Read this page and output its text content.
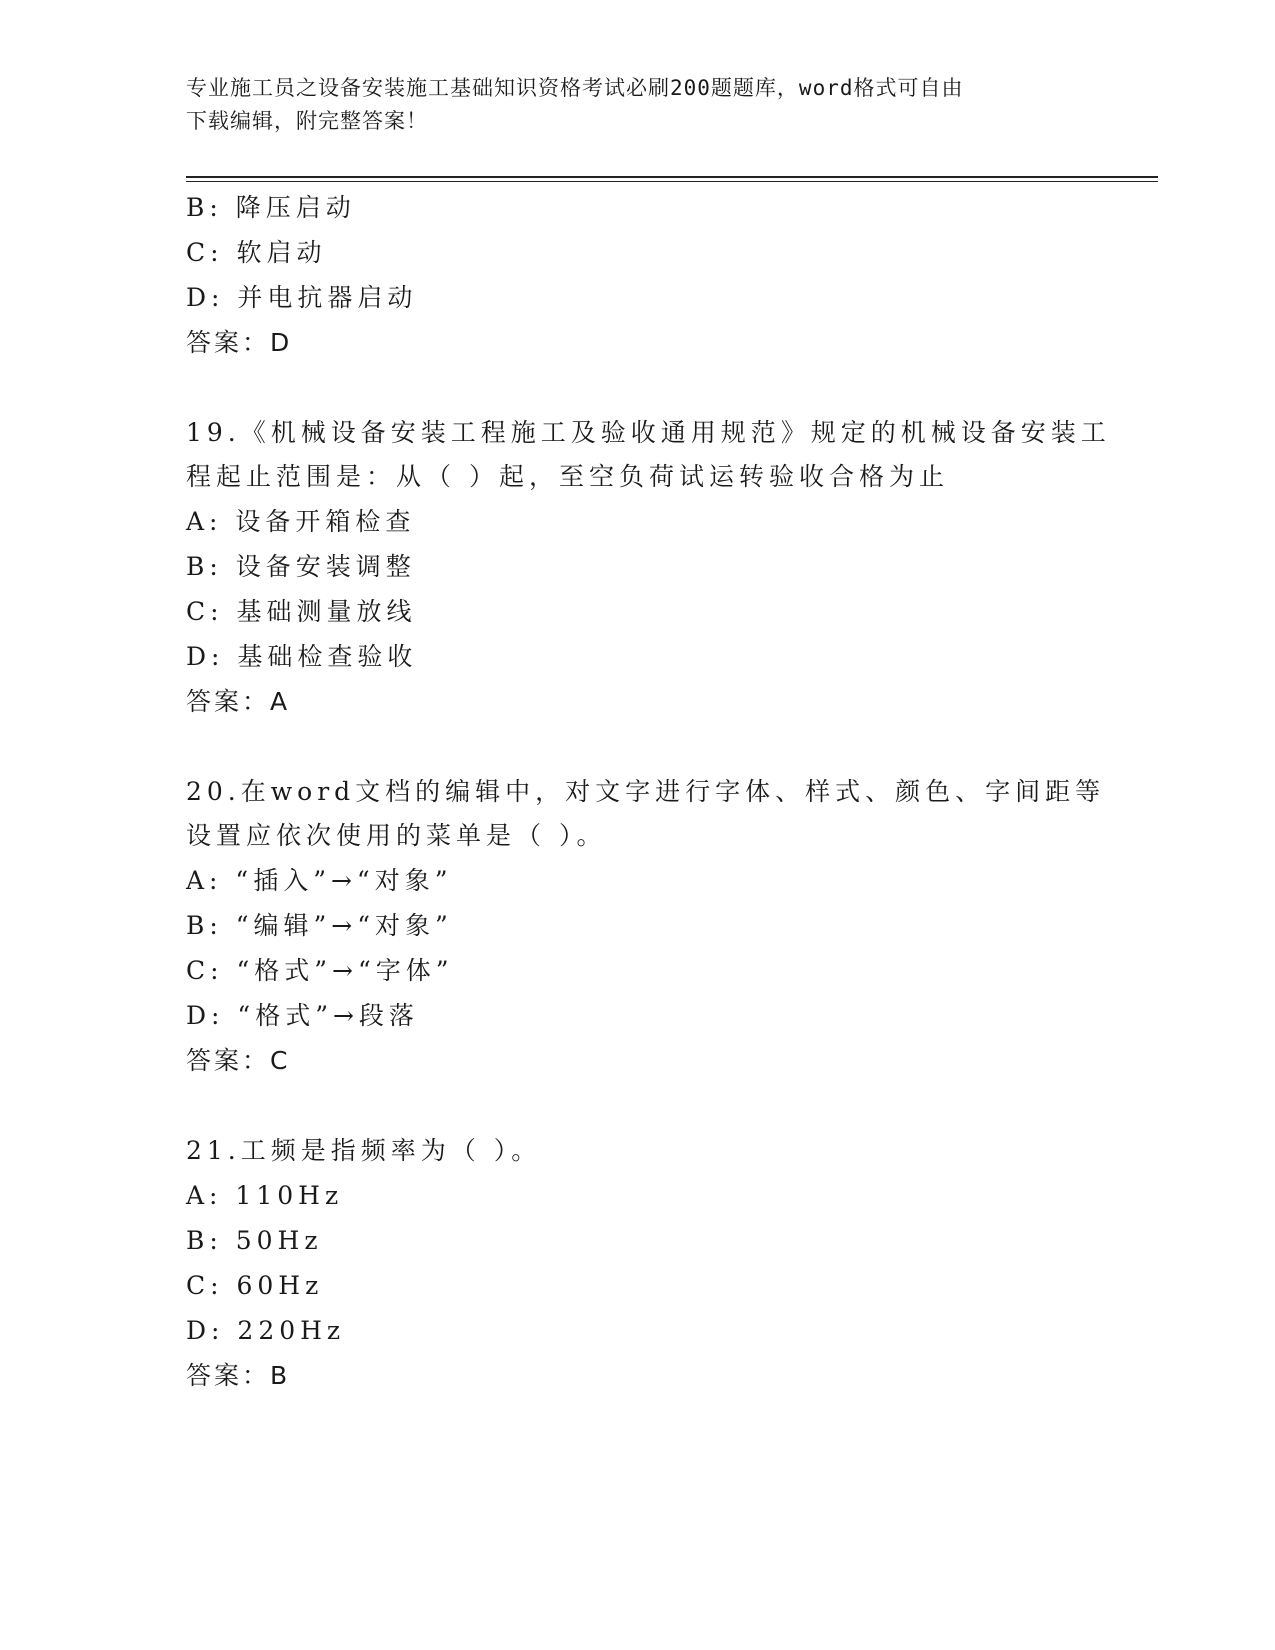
专业施工员之设备安装施工基础知识资格考试必刷200题题库，word格式可自由
下载编辑，附完整答案！
B: 降压启动
C: 软启动
D: 并电抗器启动
答案：D
19.《机械设备安装工程施工及验收通用规范》规定的机械设备安装工
程起止范围是：从（ ）起，至空负荷试运转验收合格为止
A: 设备开箱检查
B: 设备安装调整
C: 基础测量放线
D: 基础检查验收
答案：A
20.在word文档的编辑中，对文字进行字体、样式、颜色、字间距等
设置应依次使用的菜单是（ ）。
A: “插入”→“对象”
B: “编辑”→“对象”
C: “格式”→“字体”
D: “格式”→段落
答案：C
21.工频是指频率为（ ）。
A: 110Hz
B: 50Hz
C: 60Hz
D: 220Hz
答案：B
